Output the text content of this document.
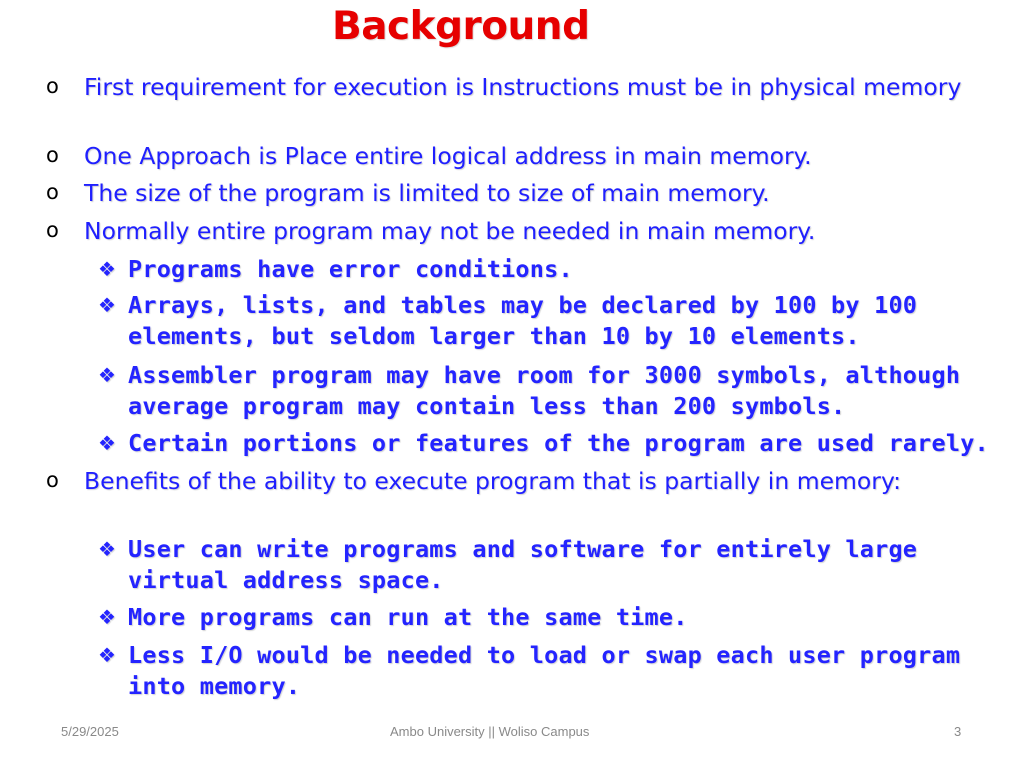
Background
o First requirement for execution is Instructions must be in physical memory
o One Approach is Place entire logical address in main memory.
o The size of the program is limited to size of main memory.
o Normally entire program may not be needed in main memory.
❖ Programs have error conditions.
❖ Arrays, lists, and tables may be declared by 100 by 100 elements, but seldom larger than 10 by 10 elements.
❖ Assembler program may have room for 3000 symbols, although average program may contain less than 200 symbols.
❖ Certain portions or features of the program are used rarely.
o Benefits of the ability to execute program that is partially in memory:
❖ User can write programs and software for entirely large virtual address space.
❖ More programs can run at the same time.
❖ Less I/O would be needed to load or swap each user program into memory.
5/29/2025	Ambo University || Woliso Campus	3
